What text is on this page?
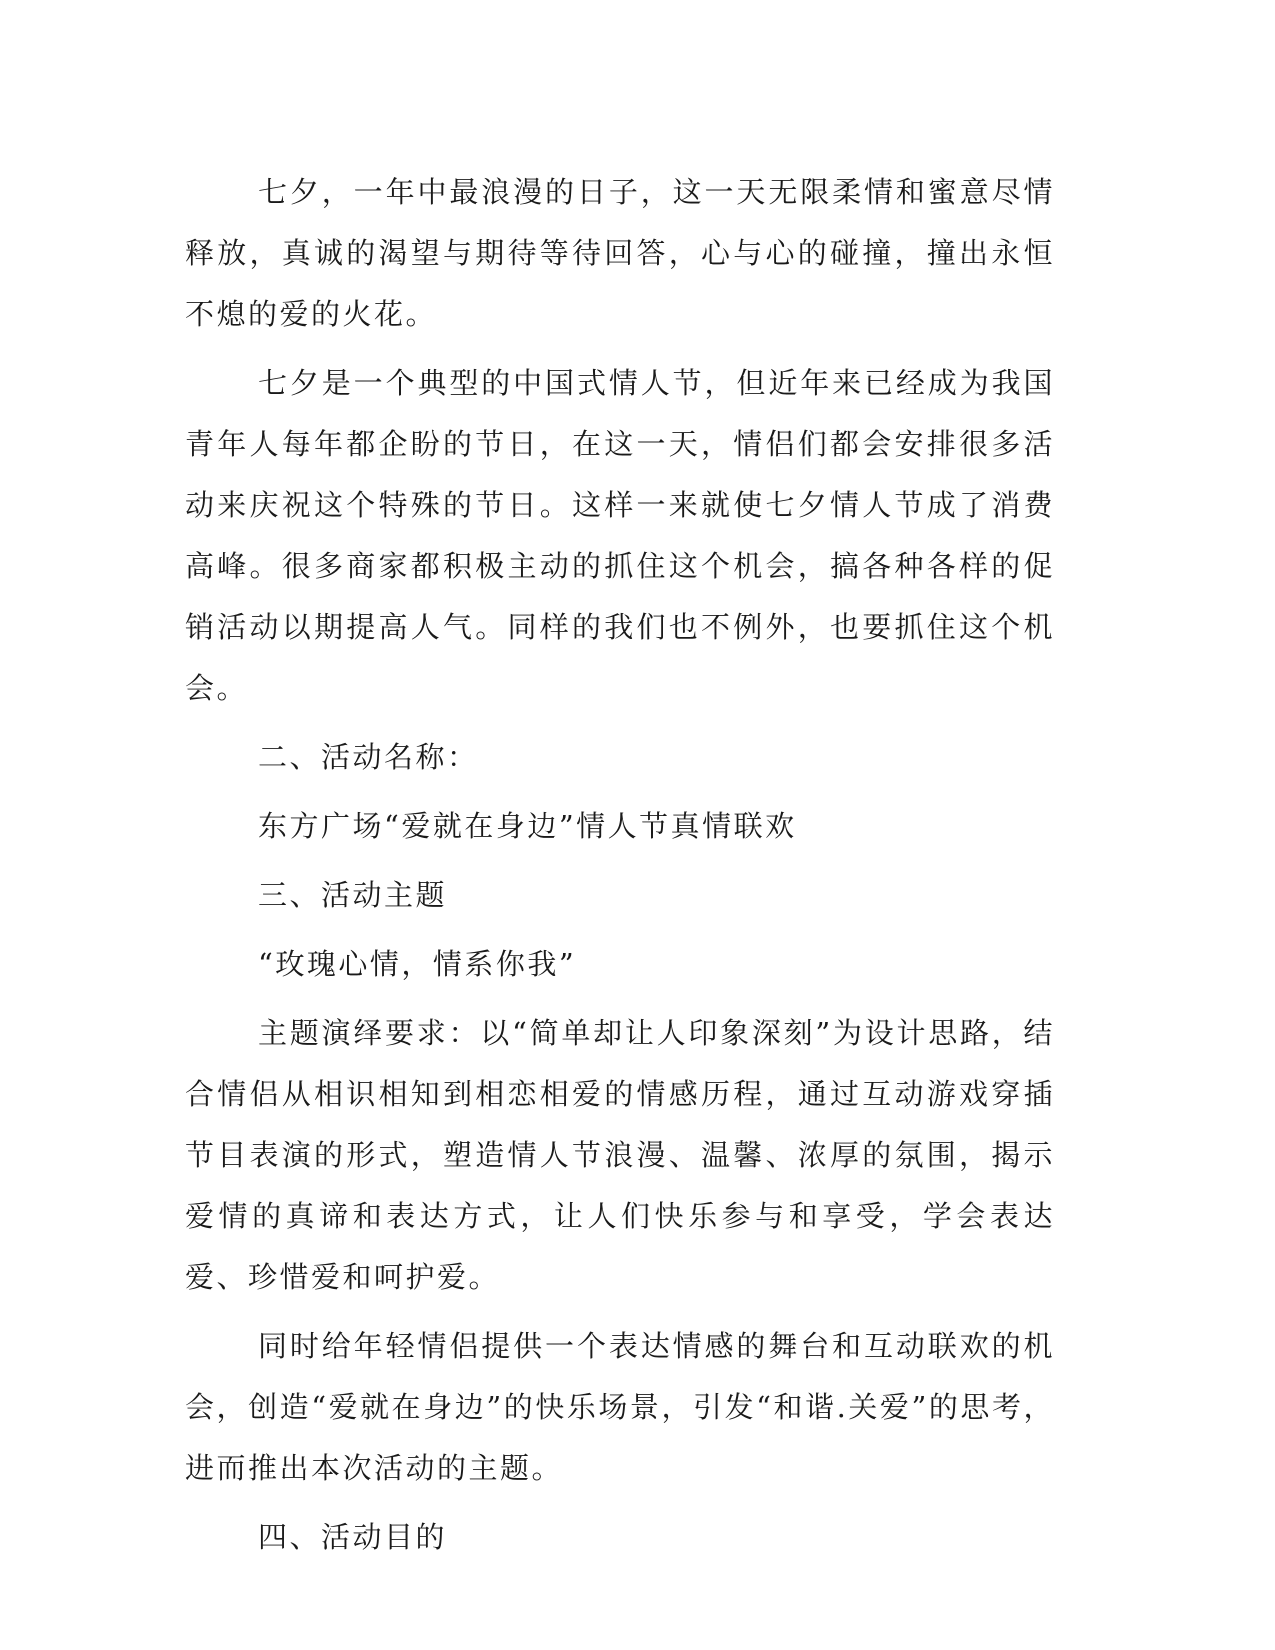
七夕，一年中最浪漫的日子，这一天无限柔情和蜜意尽情释放，真诚的渴望与期待等待回答，心与心的碰撞，撞出永恒不熄的爱的火花。

七夕是一个典型的中国式情人节，但近年来已经成为我国青年人每年都企盼的节日，在这一天，情侣们都会安排很多活动来庆祝这个特殊的节日。这样一来就使七夕情人节成了消费高峰。很多商家都积极主动的抓住这个机会，搞各种各样的促销活动以期提高人气。同样的我们也不例外，也要抓住这个机会。

二、活动名称：

东方广场“爱就在身边”情人节真情联欢

三、活动主题

“玫瑰心情，情系你我”

主题演绎要求：以“简单却让人印象深刻”为设计思路，结合情侣从相识相知到相恋相爱的情感历程，通过互动游戏穿插节目表演的形式，塑造情人节浪漫、温馨、浓厚的氛围，揭示爱情的真谛和表达方式，让人们快乐参与和享受，学会表达爱、珍惜爱和呵护爱。

同时给年轻情侣提供一个表达情感的舞台和互动联欢的机会，创造“爱就在身边”的快乐场景，引发“和谐.关爱”的思考，进而推出本次活动的主题。

四、活动目的
